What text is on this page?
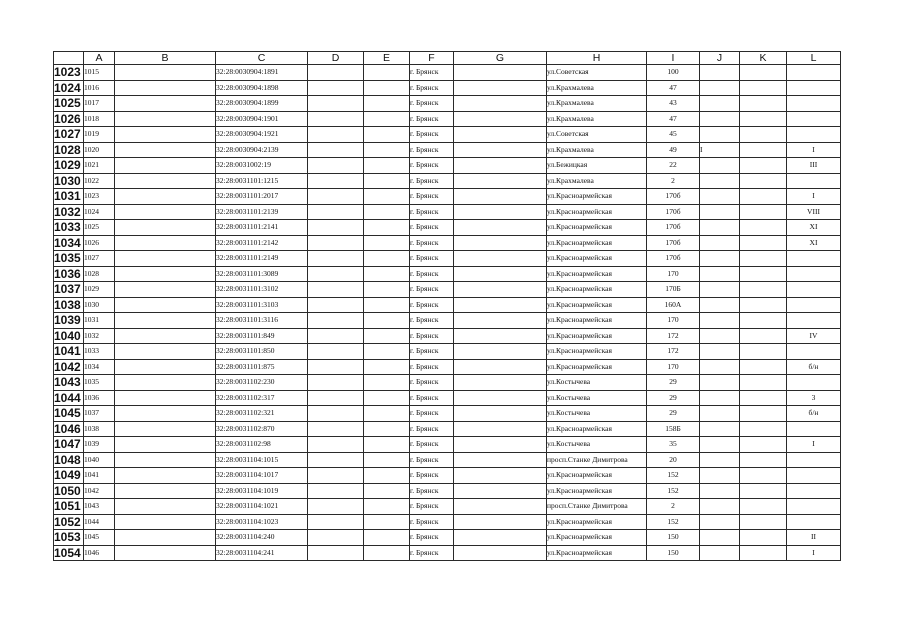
	A	B	C	D	E	F	G	H	I	J	K	L
1023	1015		32:28:0030904:1891			г. Брянск		ул.Советская	100			
1024	1016		32:28:0030904:1898			г. Брянск		ул.Крахмалева	47			
1025	1017		32:28:0030904:1899			г. Брянск		ул.Крахмалева	43			
1026	1018		32:28:0030904:1901			г. Брянск		ул.Крахмалева	47			
1027	1019		32:28:0030904:1921			г. Брянск		ул.Советская	45			
1028	1020		32:28:0030904:2139			г. Брянск		ул.Крахмалева	49	I		I
1029	1021		32:28:0031002:19			г. Брянск		ул.Бежицкая	22			III
1030	1022		32:28:0031101:1215			г. Брянск		ул.Крахмалева	2			
1031	1023		32:28:0031101:2017			г. Брянск		ул.Красноармейская	170б			I
1032	1024		32:28:0031101:2139			г. Брянск		ул.Красноармейская	170б			VIII
1033	1025		32:28:0031101:2141			г. Брянск		ул.Красноармейская	170б			XI
1034	1026		32:28:0031101:2142			г. Брянск		ул.Красноармейская	170б			XI
1035	1027		32:28:0031101:2149			г. Брянск		ул.Красноармейская	170б			
1036	1028		32:28:0031101:3089			г. Брянск		ул.Красноармейская	170			
1037	1029		32:28:0031101:3102			г. Брянск		ул.Красноармейская	170Б			
1038	1030		32:28:0031101:3103			г. Брянск		ул.Красноармейская	160А			
1039	1031		32:28:0031101:3116			г. Брянск		ул.Красноармейская	170			
1040	1032		32:28:0031101:849			г. Брянск		ул.Красноармейская	172			IV
1041	1033		32:28:0031101:850			г. Брянск		ул.Красноармейская	172			
1042	1034		32:28:0031101:875			г. Брянск		ул.Красноармейская	170			б/н
1043	1035		32:28:0031102:230			г. Брянск		ул.Костычева	29			
1044	1036		32:28:0031102:317			г. Брянск		ул.Костычева	29			3
1045	1037		32:28:0031102:321			г. Брянск		ул.Костычева	29			б/н
1046	1038		32:28:0031102:870			г. Брянск		ул.Красноармейская	158Б			
1047	1039		32:28:0031102:98			г. Брянск		ул.Костычева	35			I
1048	1040		32:28:0031104:1015			г. Брянск		просп.Станке Димитрова	20			
1049	1041		32:28:0031104:1017			г. Брянск		ул.Красноармейская	152			
1050	1042		32:28:0031104:1019			г. Брянск		ул.Красноармейская	152			
1051	1043		32:28:0031104:1021			г. Брянск		просп.Станке Димитрова	2			
1052	1044		32:28:0031104:1023			г. Брянск		ул.Красноармейская	152			
1053	1045		32:28:0031104:240			г. Брянск		ул.Красноармейская	150			II
1054	1046		32:28:0031104:241			г. Брянск		ул.Красноармейская	150			I
